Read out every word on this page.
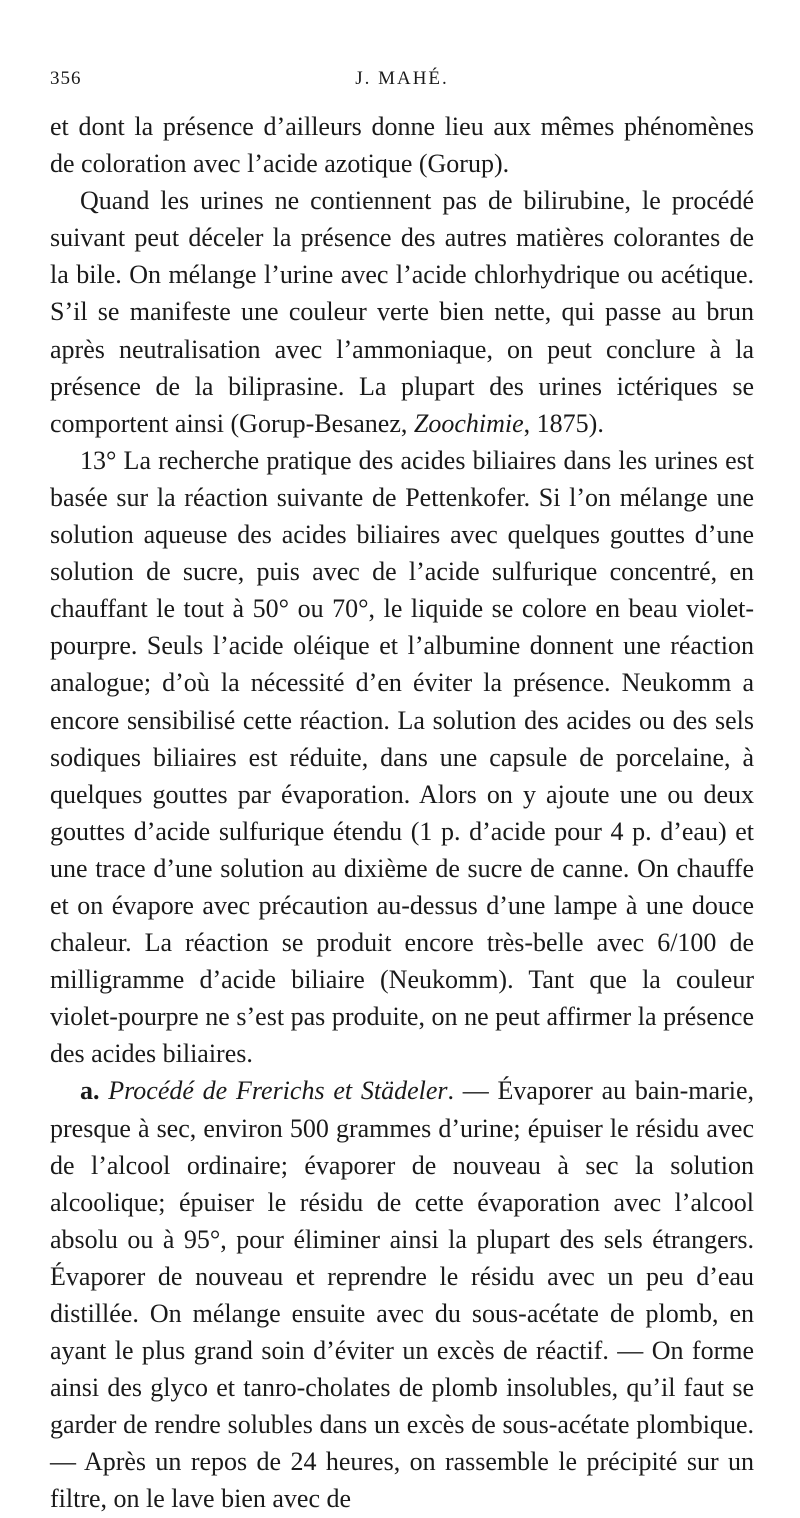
356	J. MAHÉ.

et dont la présence d’ailleurs donne lieu aux mêmes phénomènes de coloration avec l’acide azotique (Gorup).

Quand les urines ne contiennent pas de bilirubine, le procédé suivant peut déceler la présence des autres matières colorantes de la bile. On mélange l’urine avec l’acide chlorhydrique ou acétique. S’il se manifeste une couleur verte bien nette, qui passe au brun après neutralisation avec l’ammoniaque, on peut conclure à la présence de la biliprasine. La plupart des urines ictériques se comportent ainsi (Gorup-Besanez, Zoochimie, 1875).

13° La recherche pratique des acides biliaires dans les urines est basée sur la réaction suivante de Pettenkofer. Si l’on mélange une solution aqueuse des acides biliaires avec quelques gouttes d’une solution de sucre, puis avec de l’acide sulfurique concentré, en chauffant le tout à 50° ou 70°, le liquide se colore en beau violet-pourpre. Seuls l’acide oléique et l’albumine donnent une réaction analogue; d’où la nécessité d’en éviter la présence. Neukomm a encore sensibilisé cette réaction. La solution des acides ou des sels sodiques biliaires est réduite, dans une capsule de porcelaine, à quelques gouttes par évaporation. Alors on y ajoute une ou deux gouttes d’acide sulfurique étendu (1 p. d’acide pour 4 p. d’eau) et une trace d’une solution au dixième de sucre de canne. On chauffe et on évapore avec précaution au-dessus d’une lampe à une douce chaleur. La réaction se produit encore très-belle avec 6/100 de milligramme d’acide biliaire (Neukomm). Tant que la couleur violet-pourpre ne s’est pas produite, on ne peut affirmer la présence des acides biliaires.

a. Procédé de Frerichs et Städeler. — Évaporer au bain-marie, presque à sec, environ 500 grammes d’urine; épuiser le résidu avec de l’alcool ordinaire; évaporer de nouveau à sec la solution alcoolique; épuiser le résidu de cette évaporation avec l’alcool absolu ou à 95°, pour éliminer ainsi la plupart des sels étrangers. Évaporer de nouveau et reprendre le résidu avec un peu d’eau distillée. On mélange ensuite avec du sous-acétate de plomb, en ayant le plus grand soin d’éviter un excès de réactif. — On forme ainsi des glyco et tanro-cholates de plomb insolubles, qu’il faut se garder de rendre solubles dans un excès de sous-acétate plombique. — Après un repos de 24 heures, on rassemble le précipité sur un filtre, on le lave bien avec de
